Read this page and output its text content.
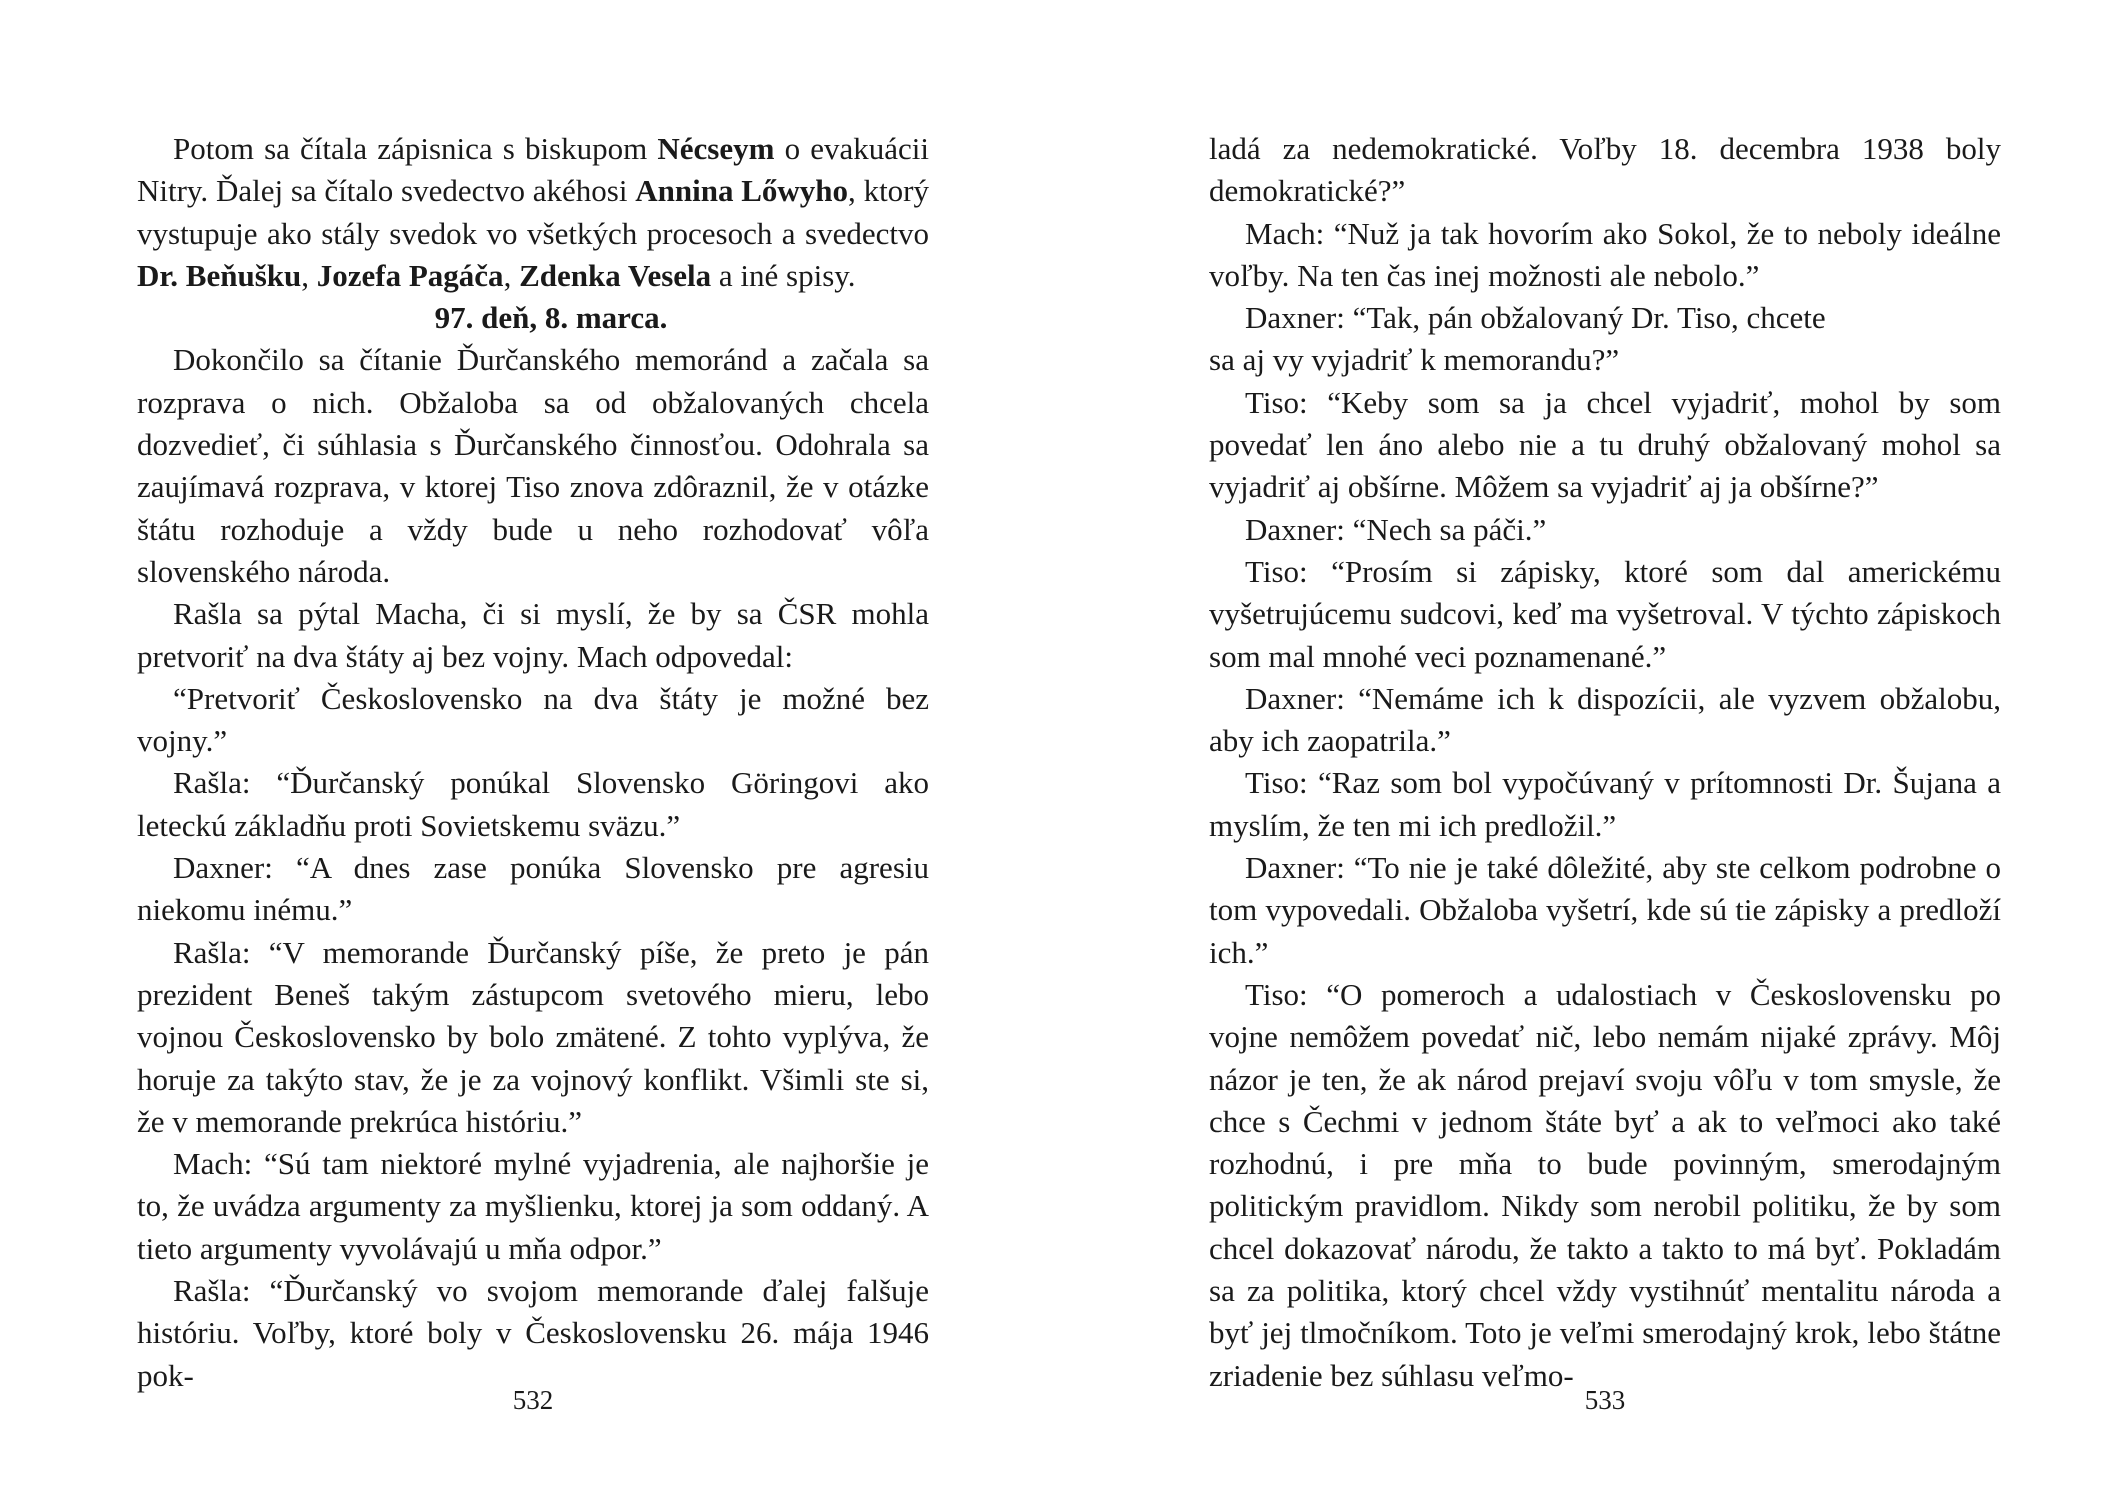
Potom sa čítala zápisnica s biskupom Nécseym o evakuácii Nitry. Ďalej sa čítalo svedectvo akéhosi Annina Lőwyho, ktorý vystupuje ako stály svedok vo všetkých procesoch a svedectvo Dr. Beňušku, Jozefa Pagáča, Zdenka Vesela a iné spisy.

97. deň, 8. marca.

Dokončilo sa čítanie Ďurčanského memoránd a začala sa rozprava o nich. Obžaloba sa od obžalovaných chcela dozvedieť, či súhlasia s Ďurčanského činnosťou. Odohrala sa zaujímavá rozprava, v ktorej Tiso znova zdôraznil, že v otázke štátu rozhoduje a vždy bude u neho rozhodovať vôľa slovenského národa.

Rašla sa pýtal Macha, či si myslí, že by sa ČSR mohla pretvoriť na dva štáty aj bez vojny. Mach odpovedal:

“Pretvoriť Československo na dva štáty je možné bez vojny.”

Rašla: “Ďurčanský ponúkal Slovensko Göringovi ako leteckú základňu proti Sovietskemu sväzu.”

Daxner: “A dnes zase ponúka Slovensko pre agresiu niekomu inému.”

Rašla: “V memorande Ďurčanský píše, že preto je pán prezident Beneš takým zástupcom svetového mieru, lebo vojnou Československo by bolo zmätené. Z tohto vyplýva, že horuje za takýto stav, že je za vojnový konflikt. Všimli ste si, že v memorande prekrúca históriu.”

Mach: “Sú tam niektoré mylné vyjadrenia, ale najhoršie je to, že uvádza argumenty za myšlienku, ktorej ja som oddaný. A tieto argumenty vyvolávajú u mňa odpor.”

Rašla: “Ďurčanský vo svojom memorande ďalej falšuje históriu. Voľby, ktoré boly v Československu 26. mája 1946 pok-

532

ladá za nedemokratické. Voľby 18. decembra 1938 boly demokratické?”

Mach: “Nuž ja tak hovorím ako Sokol, že to neboly ideálne voľby. Na ten čas inej možnosti ale nebolo.”

Daxner: “Tak, pán obžalovaný Dr. Tiso, chcete

sa aj vy vyjadriť k memorandu?”

Tiso: “Keby som sa ja chcel vyjadriť, mohol by som povedať len áno alebo nie a tu druhý obžalovaný mohol sa vyjadriť aj obšírne. Môžem sa vyjadriť aj ja obšírne?”

Daxner: “Nech sa páči.”

Tiso: “Prosím si zápisky, ktoré som dal americkému vyšetrujúcemu sudcovi, keď ma vyšetroval. V týchto zápiskoch som mal mnohé veci poznamenané.”

Daxner: “Nemáme ich k dispozícii, ale vyzvem obžalobu, aby ich zaopatrila.”

Tiso: “Raz som bol vypočúvaný v prítomnosti Dr. Šujana a myslím, že ten mi ich predložil.”

Daxner: “To nie je také dôležité, aby ste celkom podrobne o tom vypovedali. Obžaloba vyšetrí, kde sú tie zápisky a predloží ich.”

Tiso: “O pomeroch a udalostiach v Československu po vojne nemôžem povedať nič, lebo nemám nijaké zprávy. Môj názor je ten, že ak národ prejaví svoju vôľu v tom smysle, že chce s Čechmi v jednom štáte byť a ak to veľmoci ako také rozhodnú, i pre mňa to bude povinným, smerodajným politickým pravidlom. Nikdy som nerobil politiku, že by som chcel dokazovať národu, že takto a takto to má byť. Pokladám sa za politika, ktorý chcel vždy vystihnúť mentalitu národa a byť jej tlmočníkom. Toto je veľmi smerodajný krok, lebo štátne zriadenie bez súhlasu veľmo-

533
